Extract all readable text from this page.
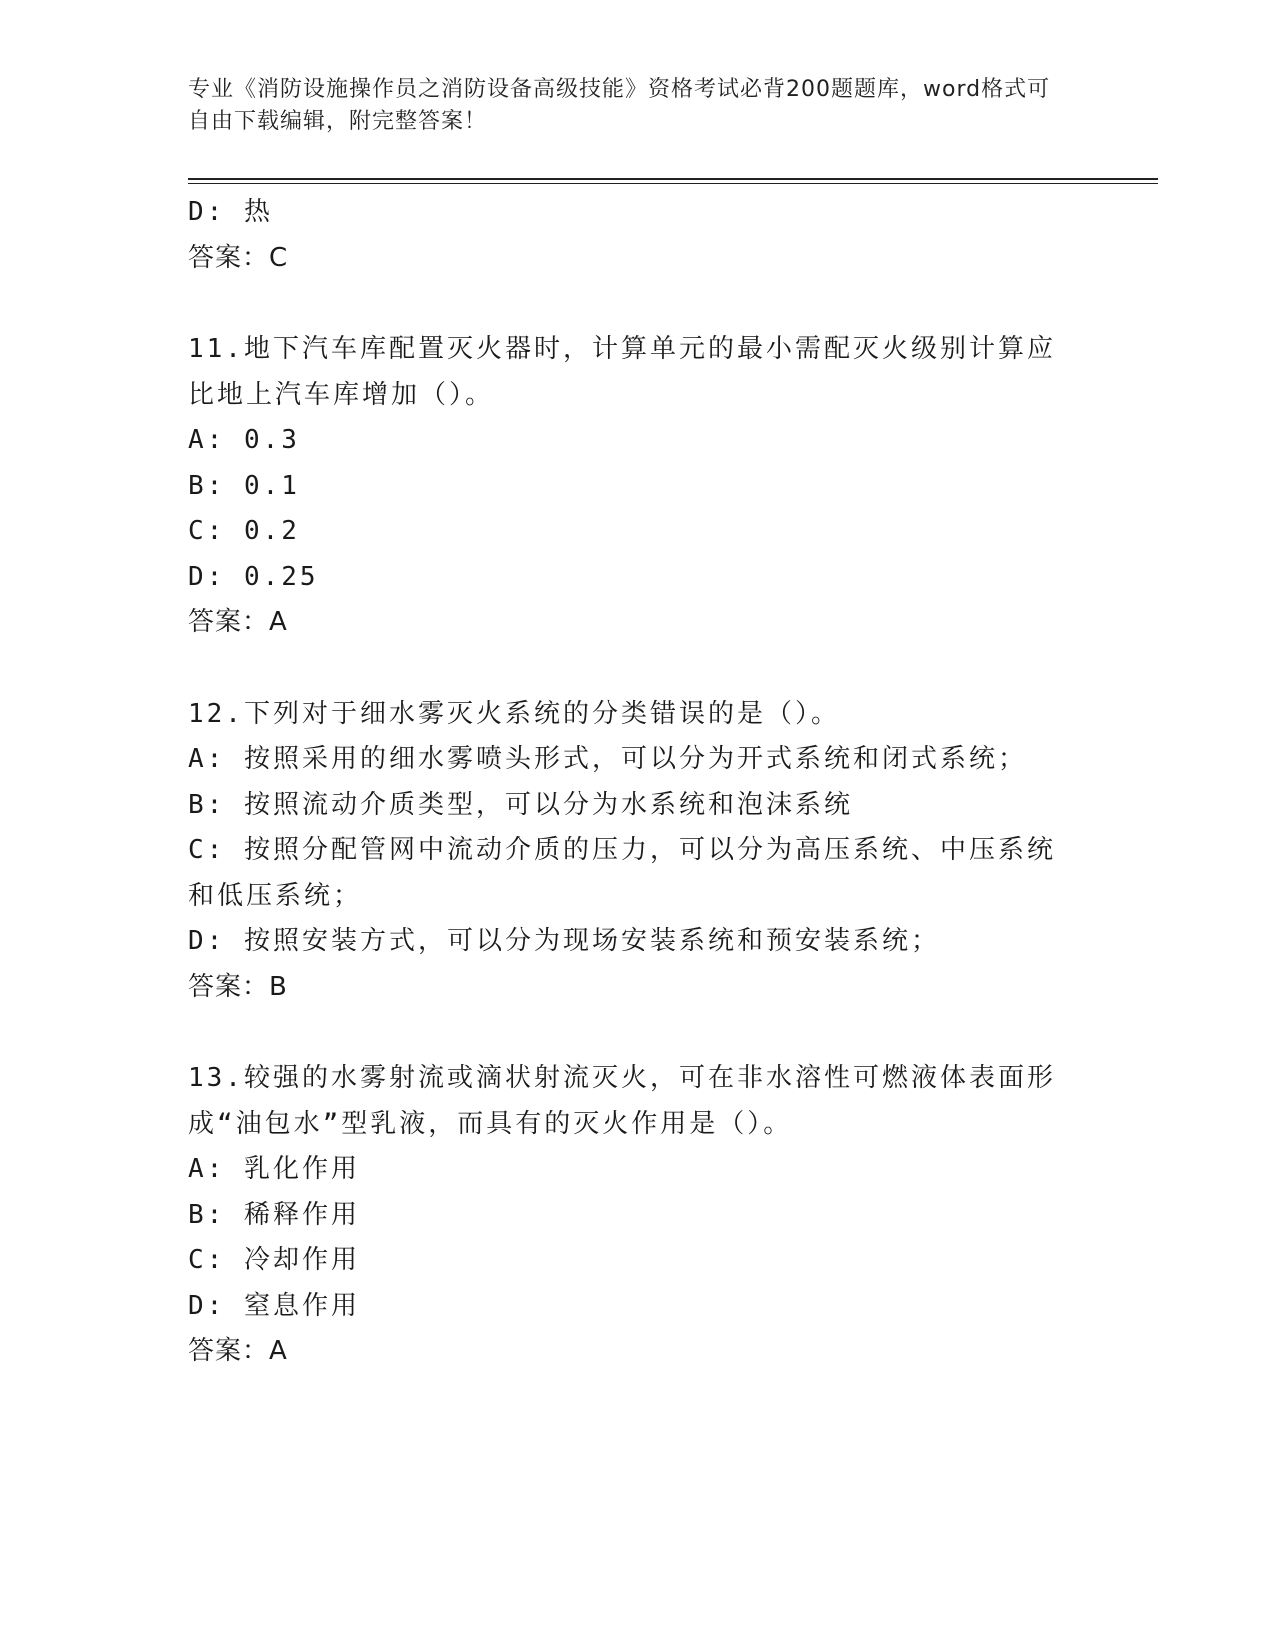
专业《消防设施操作员之消防设备高级技能》资格考试必背200题题库，word格式可自由下载编辑，附完整答案！
D: 热
答案：C
11.地下汽车库配置灭火器时，计算单元的最小需配灭火级别计算应比地上汽车库增加（）。
A: 0.3
B: 0.1
C: 0.2
D: 0.25
答案：A
12.下列对于细水雾灭火系统的分类错误的是（）。
A: 按照采用的细水雾喷头形式，可以分为开式系统和闭式系统；
B: 按照流动介质类型，可以分为水系统和泡沫系统
C: 按照分配管网中流动介质的压力，可以分为高压系统、中压系统和低压系统；
D: 按照安装方式，可以分为现场安装系统和预安装系统；
答案：B
13.较强的水雾射流或滴状射流灭火，可在非水溶性可燃液体表面形成“油包水”型乳液，而具有的灭火作用是（）。
A: 乳化作用
B: 稀释作用
C: 冷却作用
D: 窒息作用
答案：A
